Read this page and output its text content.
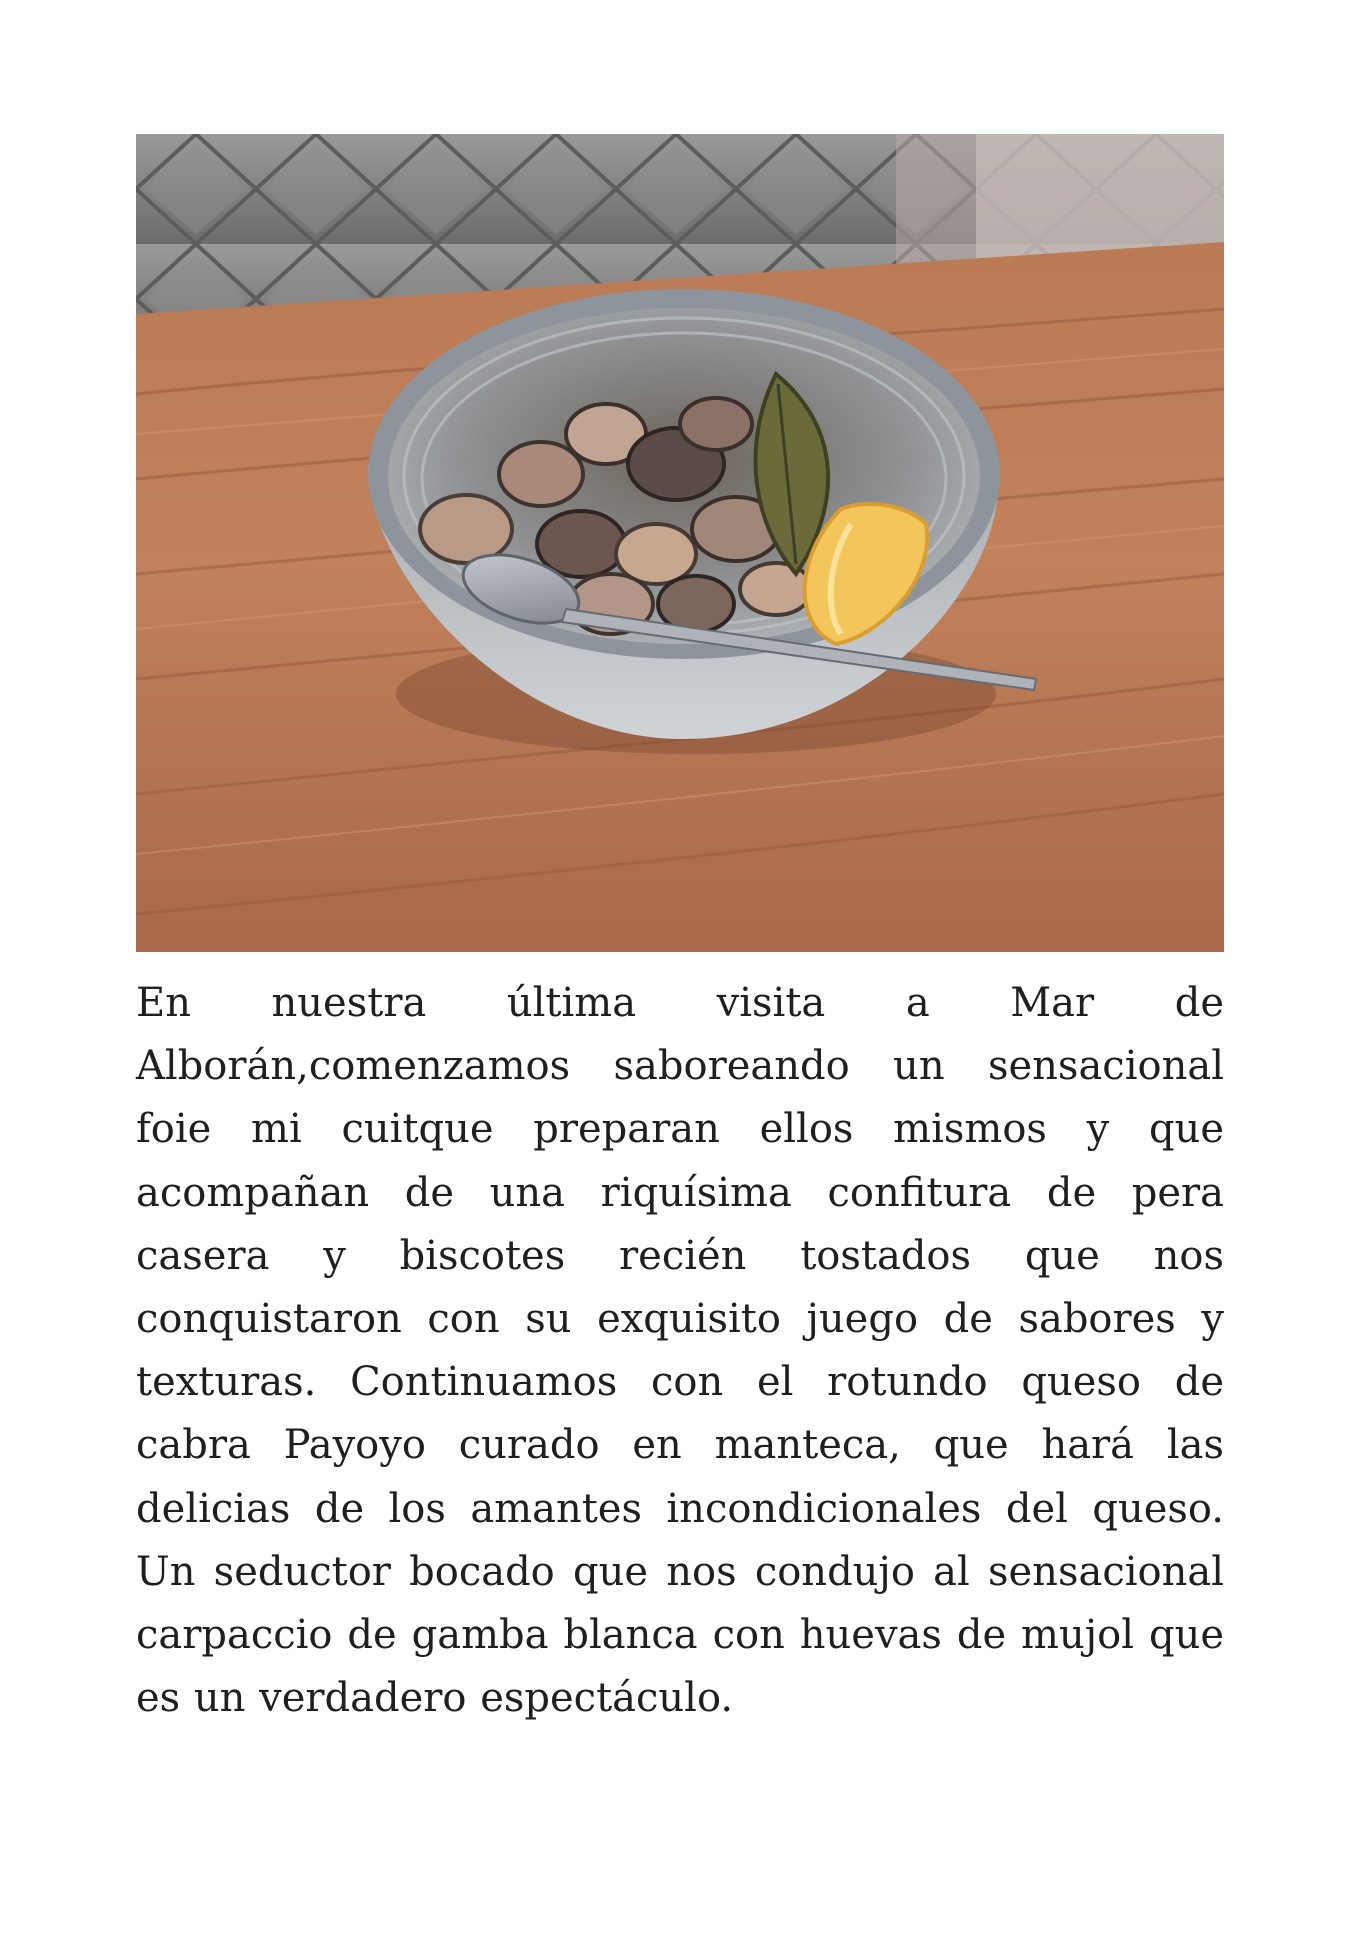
En nuestra última visita a Mar de Alborán,comenzamos saboreando un sensacional foie mi cuitque preparan ellos mismos y que acompañan de una riquísima confitura de pera casera y biscotes recién tostados que nos conquistaron con su exquisito juego de sabores y texturas. Continuamos con el rotundo queso de cabra Payoyo curado en manteca, que hará las delicias de los amantes incondicionales del queso. Un seductor bocado que nos condujo al sensacional carpaccio de gamba blanca con huevas de mujol que es un verdadero espectáculo.
